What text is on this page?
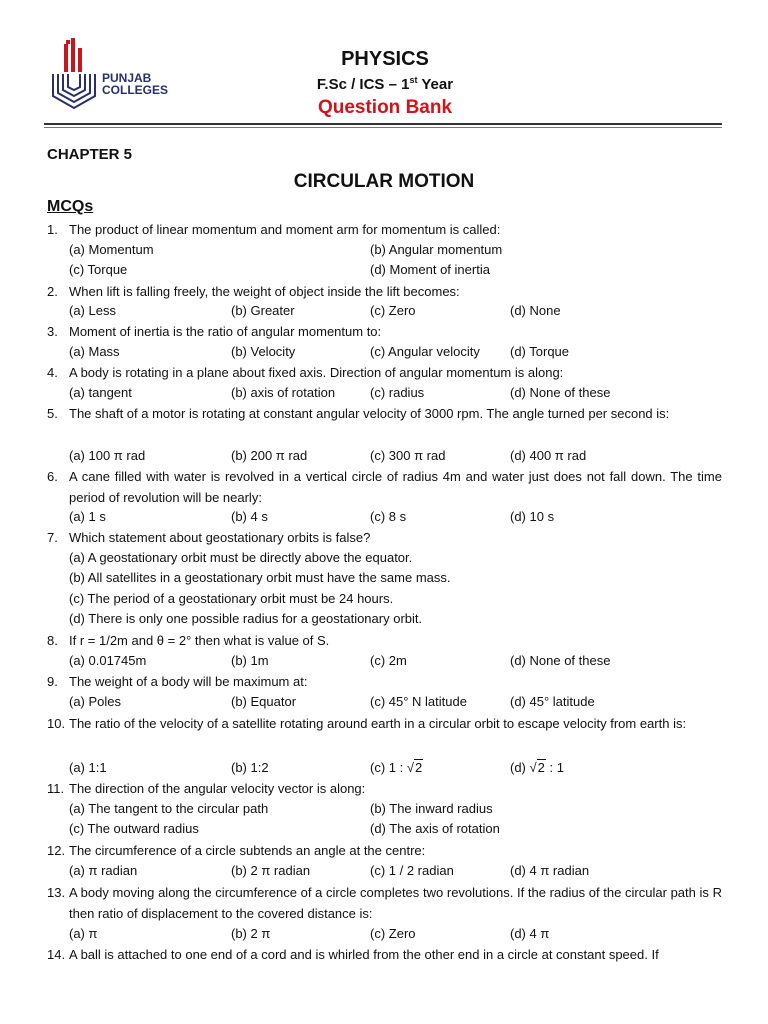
PUNJAB
COLLEGES
PHYSICS
F.Sc / ICS – 1st Year
Question Bank
CHAPTER 5
CIRCULAR MOTION
MCQs
1. The product of linear momentum and moment arm for momentum is called:
(a) Momentum	(b) Angular momentum
(c) Torque	(d) Moment of inertia
2. When lift is falling freely, the weight of object inside the lift becomes:
(a) Less	(b) Greater	(c) Zero	(d) None
3. Moment of inertia is the ratio of angular momentum to:
(a) Mass	(b) Velocity	(c) Angular velocity (d) Torque
4. A body is rotating in a plane about fixed axis. Direction of angular momentum is along:
(a) tangent	(b) axis of rotation	(c) radius	(d) None of these
5. The shaft of a motor is rotating at constant angular velocity of 3000 rpm. The angle turned per second is:
(a) 100 π rad	(b) 200 π rad	(c) 300 π rad	(d) 400 π rad
6. A cane filled with water is revolved in a vertical circle of radius 4m and water just does not fall down. The time period of revolution will be nearly:
(a) 1 s	(b) 4 s	(c) 8 s	(d) 10 s
7. Which statement about geostationary orbits is false?
(a) A geostationary orbit must be directly above the equator.
(b) All satellites in a geostationary orbit must have the same mass.
(c) The period of a geostationary orbit must be 24 hours.
(d) There is only one possible radius for a geostationary orbit.
8. If r = 1/2m and θ = 2° then what is value of S.
(a) 0.01745m	(b) 1m	(c) 2m	(d) None of these
9. The weight of a body will be maximum at:
(a) Poles	(b) Equator	(c) 45° N latitude	(d) 45° latitude
10. The ratio of the velocity of a satellite rotating around earth in a circular orbit to escape velocity from earth is:
(a) 1:1	(b) 1:2	(c) 1 : √2	(d) √2 : 1
11. The direction of the angular velocity vector is along:
(a) The tangent to the circular path	(b) The inward radius
(c) The outward radius	(d) The axis of rotation
12. The circumference of a circle subtends an angle at the centre:
(a) π radian	(b) 2 π radian	(c) 1 / 2 radian	(d) 4 π radian
13. A body moving along the circumference of a circle completes two revolutions. If the radius of the circular path is R then ratio of displacement to the covered distance is:
(a) π	(b) 2 π	(c) Zero	(d) 4 π
14. A ball is attached to one end of a cord and is whirled from the other end in a circle at constant speed. If
